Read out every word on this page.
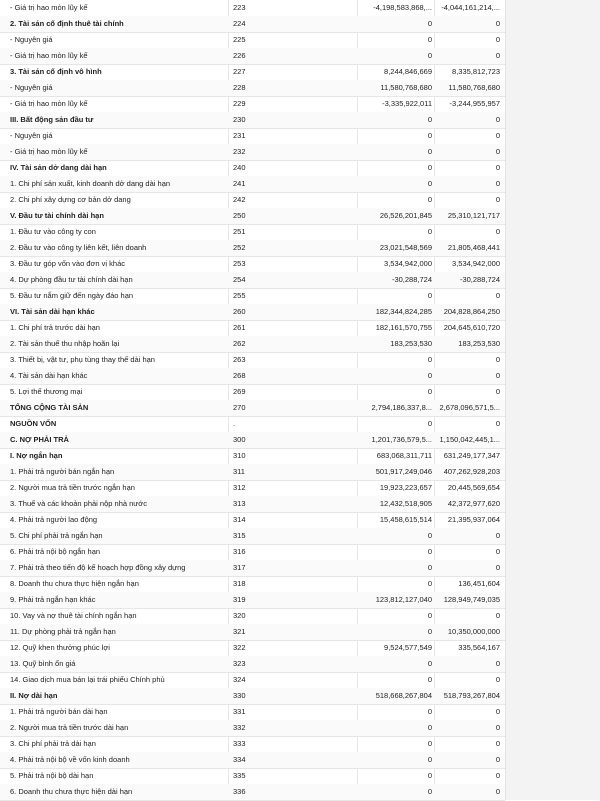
- Giá trị hao mòn lũy kế	223	-4,198,583,868,...	-4,044,161,214,...
2. Tài sản cố định thuê tài chính	224	0	0
- Nguyên giá	225	0	0
- Giá trị hao mòn lũy kế	226	0	0
3. Tài sản cố định vô hình	227	8,244,846,669	8,335,812,723
- Nguyên giá	228	11,580,768,680	11,580,768,680
- Giá trị hao mòn lũy kế	229	-3,335,922,011	-3,244,955,957
III. Bất động sản đầu tư	230	0	0
- Nguyên giá	231	0	0
- Giá trị hao mòn lũy kế	232	0	0
IV. Tài sản dở dang dài hạn	240	0	0
1. Chi phí sản xuất, kinh doanh dở dang dài hạn	241	0	0
2. Chi phí xây dựng cơ bản dở dang	242	0	0
V. Đầu tư tài chính dài hạn	250	26,526,201,845	25,310,121,717
1. Đầu tư vào công ty con	251	0	0
2. Đầu tư vào công ty liên kết, liên doanh	252	23,021,548,569	21,805,468,441
3. Đầu tư góp vốn vào đơn vị khác	253	3,534,942,000	3,534,942,000
4. Dự phòng đầu tư tài chính dài hạn	254	-30,288,724	-30,288,724
5. Đầu tư nắm giữ đến ngày đáo hạn	255	0	0
VI. Tài sản dài hạn khác	260	182,344,824,285	204,828,864,250
1. Chi phí trả trước dài hạn	261	182,161,570,755	204,645,610,720
2. Tài sản thuế thu nhập hoãn lại	262	183,253,530	183,253,530
3. Thiết bị, vật tư, phụ tùng thay thế dài hạn	263	0	0
4. Tài sản dài hạn khác	268	0	0
5. Lợi thế thương mại	269	0	0
TỔNG CỘNG TÀI SẢN	270	2,794,186,337,8...	2,678,096,571,5...
NGUỒN VỐN	.	0	0
C. NỢ PHẢI TRẢ	300	1,201,736,579,5...	1,150,042,445,1...
I. Nợ ngắn hạn	310	683,068,311,711	631,249,177,347
1. Phải trả người bán ngắn hạn	311	501,917,249,046	407,262,928,203
2. Người mua trả tiền trước ngắn hạn	312	19,923,223,657	20,445,569,654
3. Thuế và các khoản phải nộp nhà nước	313	12,432,518,905	42,372,977,620
4. Phải trả người lao động	314	15,458,615,514	21,395,937,064
5. Chi phí phải trả ngắn hạn	315	0	0
6. Phải trả nội bộ ngắn hạn	316	0	0
7. Phải trả theo tiến độ kế hoạch hợp đồng xây dựng	317	0	0
8. Doanh thu chưa thực hiện ngắn hạn	318	0	136,451,604
9. Phải trả ngắn hạn khác	319	123,812,127,040	128,949,749,035
10. Vay và nợ thuê tài chính ngắn hạn	320	0	0
11. Dự phòng phải trả ngắn hạn	321	0	10,350,000,000
12. Quỹ khen thưởng phúc lợi	322	9,524,577,549	335,564,167
13. Quỹ bình ổn giá	323	0	0
14. Giao dịch mua bán lại trái phiếu Chính phủ	324	0	0
II. Nợ dài hạn	330	518,668,267,804	518,793,267,804
1. Phải trả người bán dài hạn	331	0	0
2. Người mua trả tiền trước dài hạn	332	0	0
3. Chi phí phải trả dài hạn	333	0	0
4. Phải trả nội bộ về vốn kinh doanh	334	0	0
5. Phải trả nội bộ dài hạn	335	0	0
6. Doanh thu chưa thực hiện dài hạn	336	0	0
